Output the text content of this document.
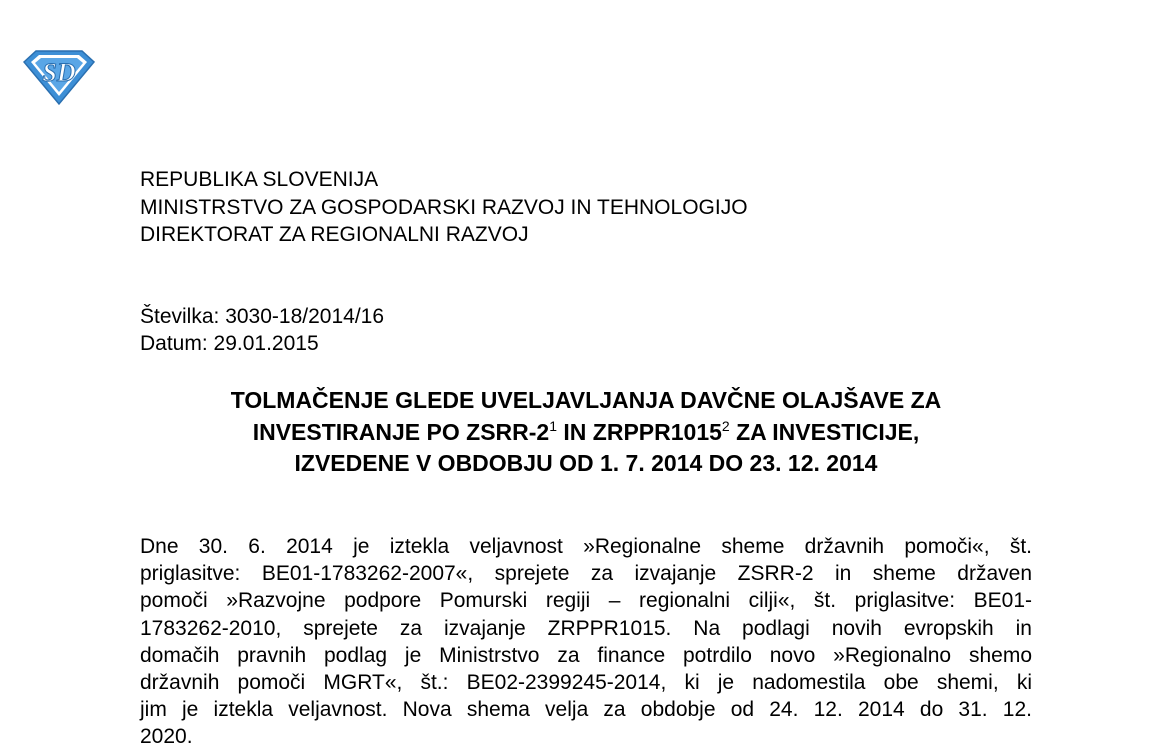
SD
REPUBLIKA SLOVENIJA
MINISTRSTVO ZA GOSPODARSKI RAZVOJ IN TEHNOLOGIJO
DIREKTORAT ZA REGIONALNI RAZVOJ
Številka: 3030-18/2014/16
Datum: 29.01.2015
TOLMAČENJE GLEDE UVELJAVLJANJA DAVČNE OLAJŠAVE ZA
INVESTIRANJE PO ZSRR-$2^1$ IN ZRPPR1015$^2$ ZA INVESTICIJE,
IZVEDENE V OBDOBJU OD 1. 7. 2014 DO 23. 12. 2014
Dne 30. 6. 2014 je iztekla veljavnost »Regionalne sheme državnih pomoči«, št.
priglasitve: BE01-1783262-2007«, sprejete za izvajanje ZSRR-2 in sheme državen
pomoči »Razvojne podpore Pomurski regiji – regionalni cilji«, št. priglasitve: BE01-
1783262-2010, sprejete za izvajanje ZRPPR1015. Na podlagi novih evropskih in
domačih pravnih podlag je Ministrstvo za finance potrdilo novo »Regionalno shemo
državnih pomoči MGRT«, št.: BE02-2399245-2014, ki je nadomestila obe shemi, ki
jim je iztekla veljavnost. Nova shema velja za obdobje od 24. 12. 2014 do 31. 12.
2020.
